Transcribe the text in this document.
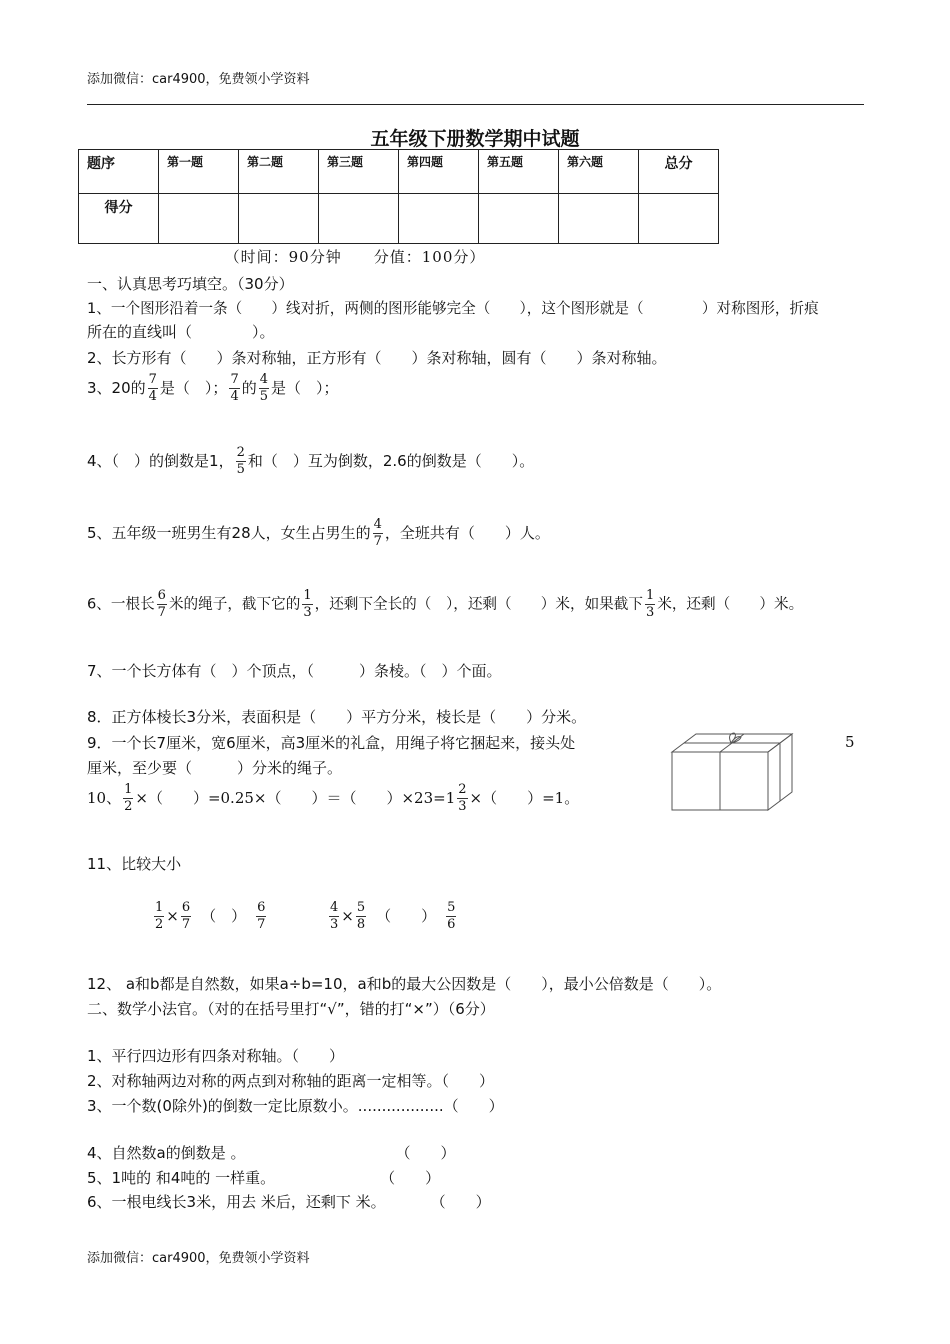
添加微信：car4900，免费领小学资料
五年级下册数学期中试题
题序	第一题	第二题	第三题	第四题	第五题	第六题	总分
得分							
（时间：90分钟　　分值：100分）
一、认真思考巧填空。（30分）
1、一个图形沿着一条（　　）线对折，两侧的图形能够完全（　　），这个图形就是（　　　　）对称图形，折痕
所在的直线叫（　　　　）。
2、长方形有（　　）条对称轴，正方形有（　　）条对称轴，圆有（　　）条对称轴。
3、20的 $\frac{7}{4}$ 是（　）； $\frac{7}{4}$ 的 $\frac{4}{5}$ 是（　）；
4、（　）的倒数是1， $\frac{2}{5}$ 和（　）互为倒数，2.6的倒数是（　　）。
5、五年级一班男生有28人，女生占男生的 $\frac{4}{7}$ ，全班共有（　　）人。
6、一根长 $\frac{6}{7}$ 米的绳子，截下它的 $\frac{1}{3}$ ，还剩下全长的（　），还剩（　　）米，如果截下 $\frac{1}{3}$ 米，还剩（　　）米。
7、一个长方体有（　）个顶点，（　　　）条棱。（　）个面。
8．正方体棱长3分米，表面积是（　　）平方分米，棱长是（　　）分米。
9．一个长7厘米，宽6厘米，高3厘米的礼盒，用绳子将它捆起来，接头处	5
厘米，至少要（　　　）分米的绳子。
10、 $\frac{1}{2}$ ×（　　）=0.25×（　　）＝（　　）$\times 23=1 \frac{2}{3}$ ×（　　）=1。
11、比较大小
$\frac{1}{2} \times \frac{6}{7}$ （　） $\frac{6}{7}$	$\frac{4}{3} \times \frac{5}{8}$ （　　） $\frac{5}{6}$
12、 a和b都是自然数，如果a÷b=10，a和b的最大公因数是（　　），最小公倍数是（　　）。
二、数学小法官。（对的在括号里打“√”，错的打“×”）（6分）
1、平行四边形有四条对称轴。（　　）
2、对称轴两边对称的两点到对称轴的距离一定相等。（　　）
3、一个数(0除外)的倒数一定比原数小。..................（　　）
4、自然数a的倒数是 。　　　　　　　　　　　（　　）
5、1吨的 和4吨的 一样重。　　　　　　　　（　　）
6、一根电线长3米，用去 米后，还剩下 米。　　　　（　　）
添加微信：car4900，免费领小学资料
